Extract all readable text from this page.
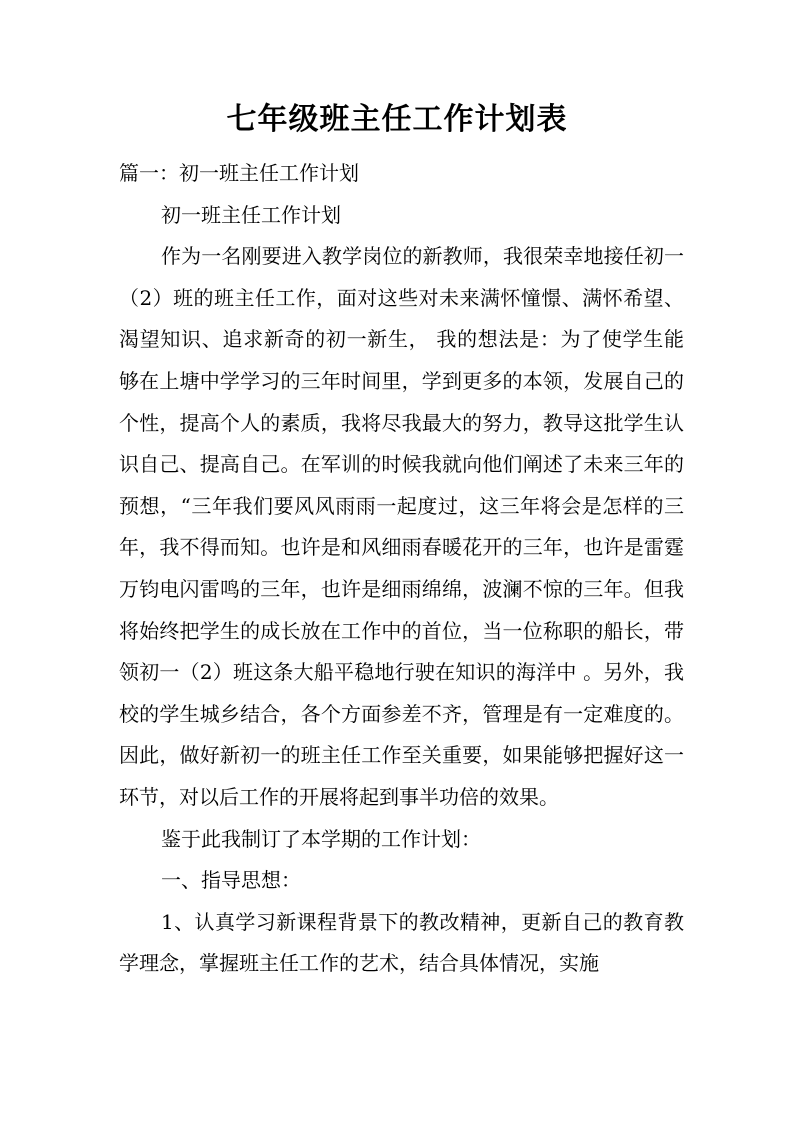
七年级班主任工作计划表

篇一：初一班主任工作计划

初一班主任工作计划

作为一名刚要进入教学岗位的新教师，我很荣幸地接任初一（2）班的班主任工作，面对这些对未来满怀憧憬、满怀希望、渴望知识、追求新奇的初一新生， 我的想法是：为了使学生能够在上塘中学学习的三年时间里，学到更多的本领，发展自己的个性，提高个人的素质，我将尽我最大的努力，教导这批学生认识自己、提高自己。在军训的时候我就向他们阐述了未来三年的预想，“三年我们要风风雨雨一起度过，这三年将会是怎样的三年，我不得而知。也许是和风细雨春暖花开的三年，也许是雷霆万钧电闪雷鸣的三年，也许是细雨绵绵，波澜不惊的三年。但我将始终把学生的成长放在工作中的首位，当一位称职的船长，带领初一（2）班这条大船平稳地行驶在知识的海洋中 。另外，我校的学生城乡结合，各个方面参差不齐，管理是有一定难度的。因此，做好新初一的班主任工作至关重要，如果能够把握好这一环节，对以后工作的开展将起到事半功倍的效果。

鉴于此我制订了本学期的工作计划：

一、指导思想：

1、认真学习新课程背景下的教改精神，更新自己的教育教学理念，掌握班主任工作的艺术，结合具体情况，实施
